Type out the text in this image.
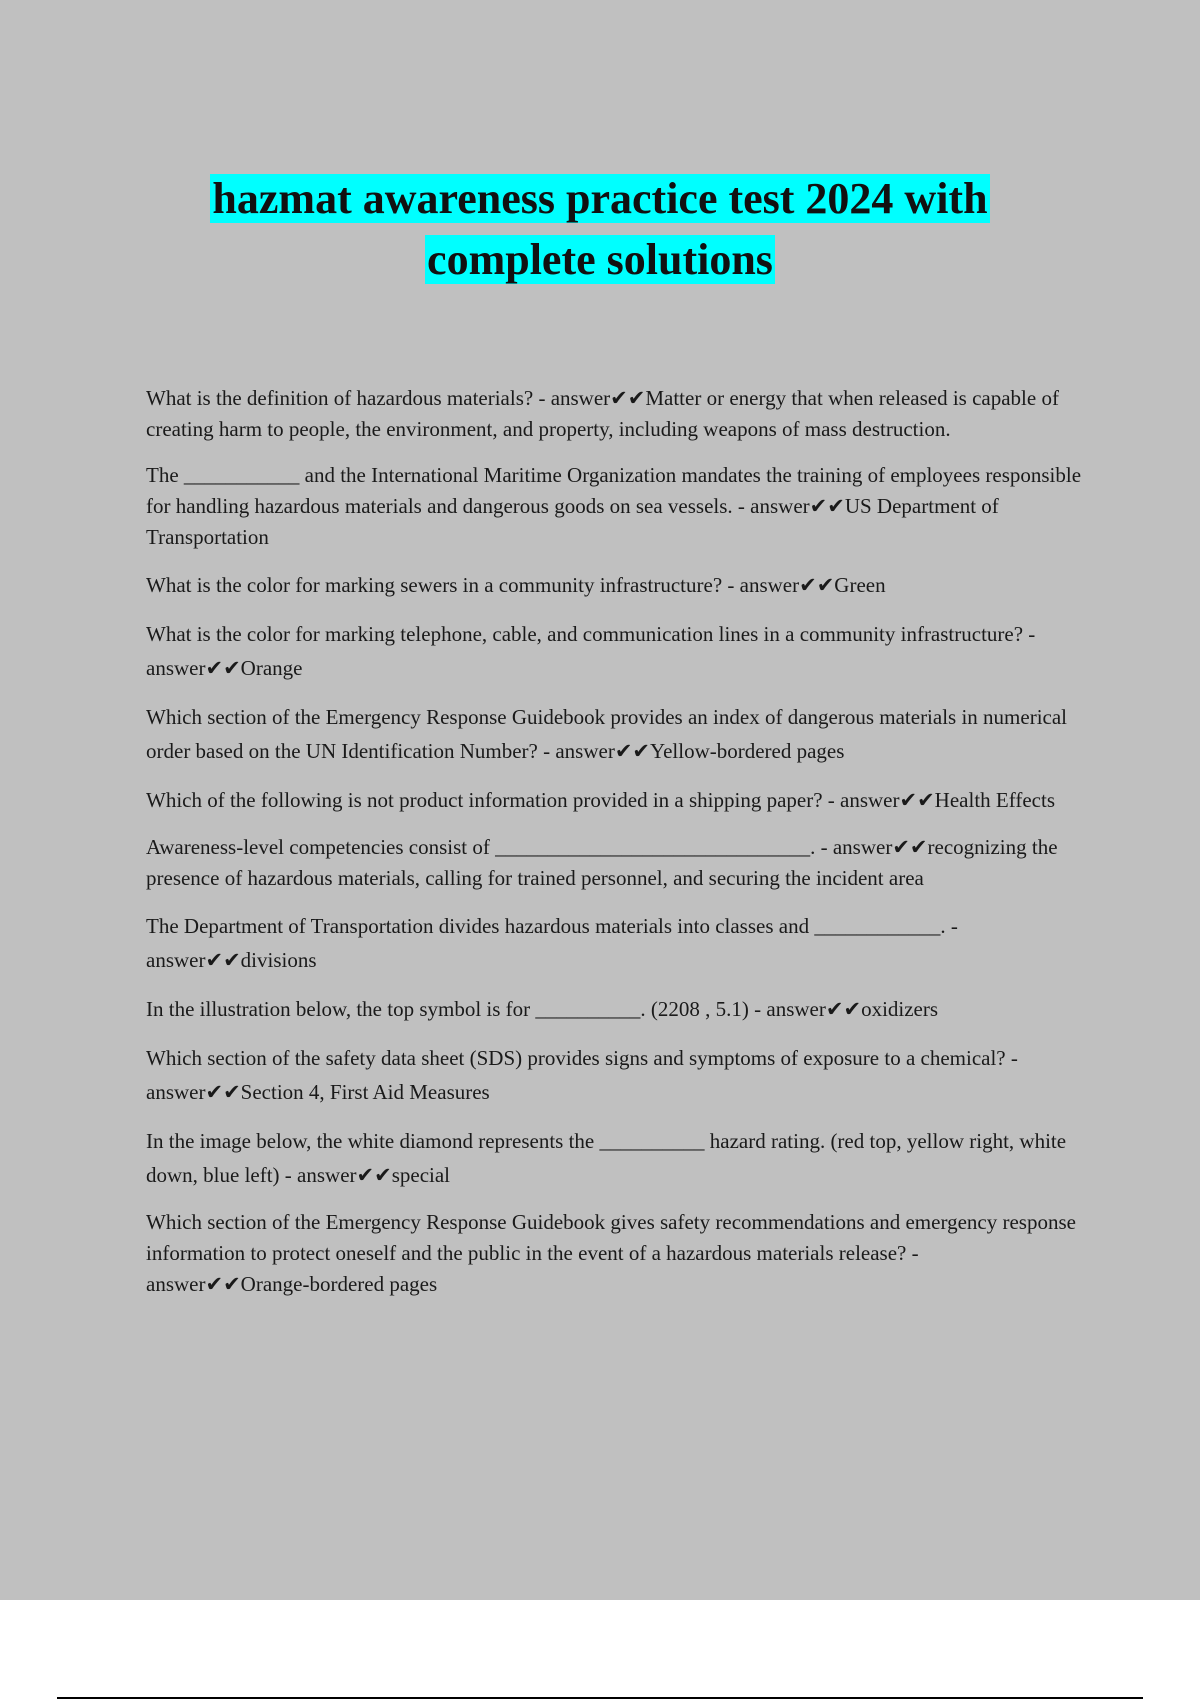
hazmat awareness practice test 2024 with
complete solutions

What is the definition of hazardous materials? - answer✔✔Matter or energy that when released is capable of creating harm to people, the environment, and property, including weapons of mass destruction.

The ___________ and the International Maritime Organization mandates the training of employees responsible for handling hazardous materials and dangerous goods on sea vessels. - answer✔✔US Department of Transportation

What is the color for marking sewers in a community infrastructure? - answer✔✔Green

What is the color for marking telephone, cable, and communication lines in a community infrastructure? - answer✔✔Orange

Which section of the Emergency Response Guidebook provides an index of dangerous materials in numerical order based on the UN Identification Number? - answer✔✔Yellow-bordered pages

Which of the following is not product information provided in a shipping paper? - answer✔✔Health Effects

Awareness-level competencies consist of ______________________________. - answer✔✔recognizing the presence of hazardous materials, calling for trained personnel, and securing the incident area

The Department of Transportation divides hazardous materials into classes and ____________. - answer✔✔divisions

In the illustration below, the top symbol is for __________. (2208 , 5.1) - answer✔✔oxidizers

Which section of the safety data sheet (SDS) provides signs and symptoms of exposure to a chemical? - answer✔✔Section 4, First Aid Measures

In the image below, the white diamond represents the __________ hazard rating. (red top, yellow right, white down, blue left) - answer✔✔special

Which section of the Emergency Response Guidebook gives safety recommendations and emergency response information to protect oneself and the public in the event of a hazardous materials release? - answer✔✔Orange-bordered pages
